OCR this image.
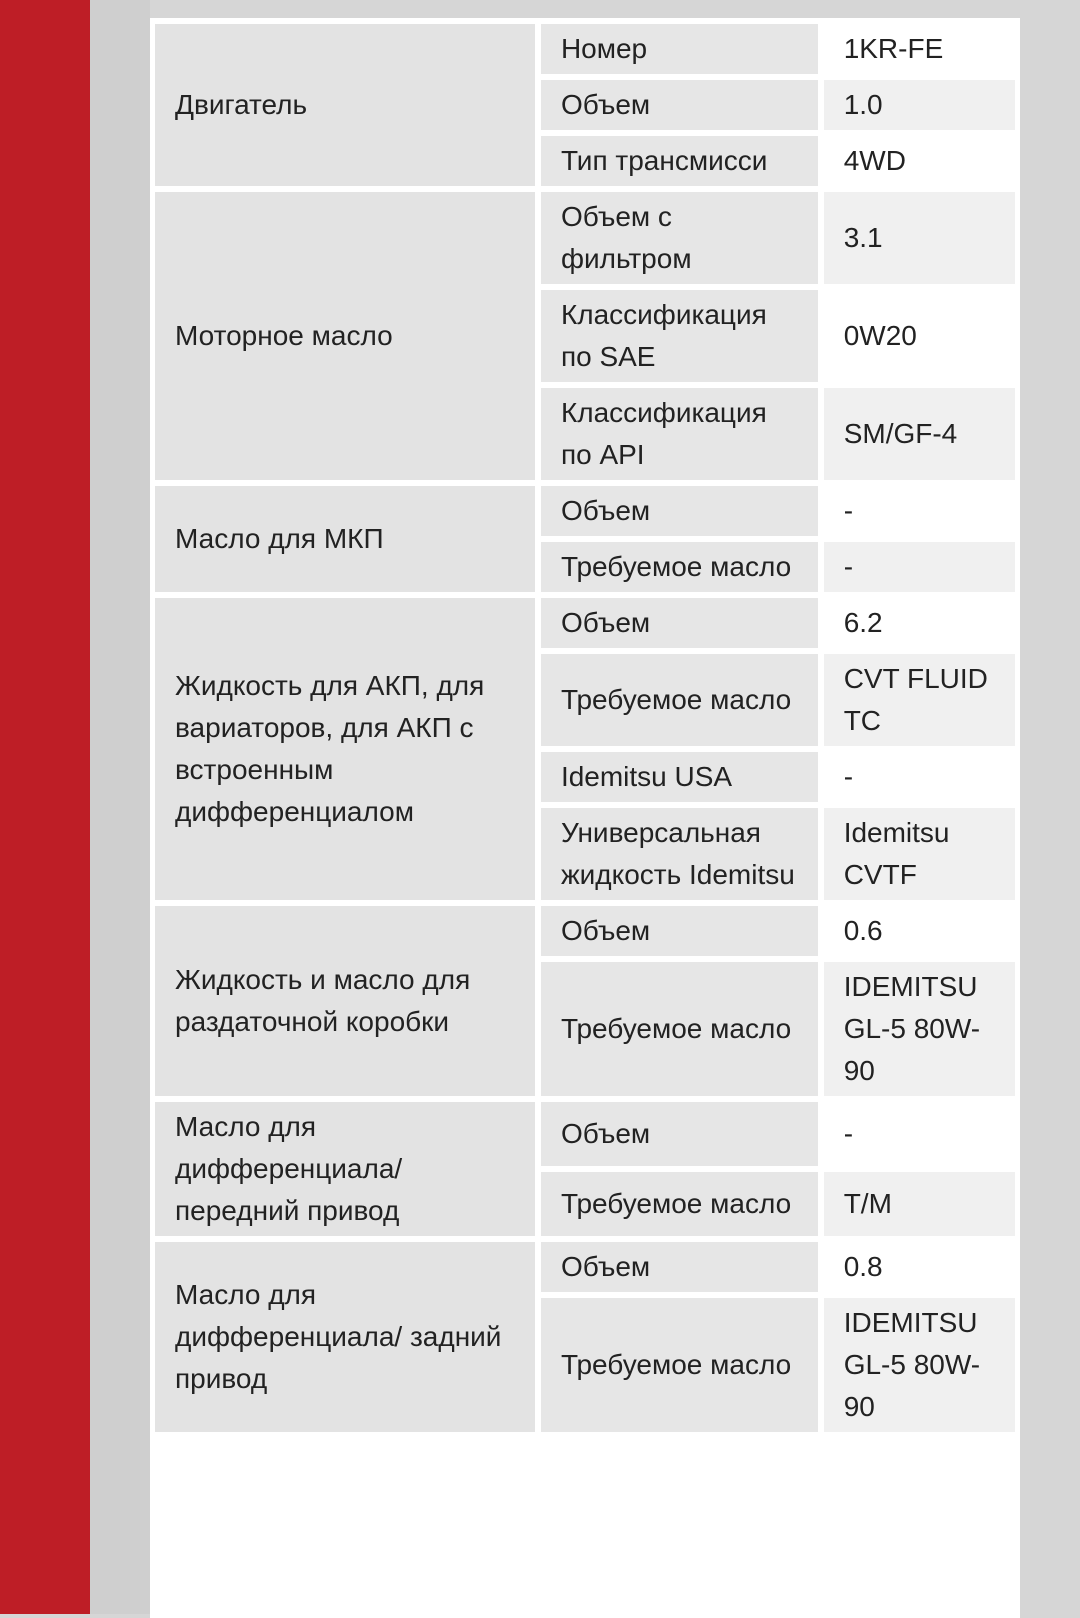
Двигатель	Номер	1KR-FE
	Объем	1.0
	Тип трансмисси	4WD
Моторное масло	Объем с фильтром	3.1
	Классификация по SAE	0W20
	Классификация по API	SM/GF-4
Масло для МКП	Объем	-
	Требуемое масло	-
Жидкость для АКП, для вариаторов, для АКП с встроенным дифференциалом	Объем	6.2
	Требуемое масло	CVT FLUID TC
	Idemitsu USA	-
	Универсальная жидкость Idemitsu	Idemitsu CVTF
Жидкость и масло для раздаточной коробки	Объем	0.6
	Требуемое масло	IDEMITSU GL-5 80W-90
Масло для дифференциала/ передний привод	Объем	-
	Требуемое масло	T/M
Масло для дифференциала/ задний привод	Объем	0.8
	Требуемое масло	IDEMITSU GL-5 80W-90
